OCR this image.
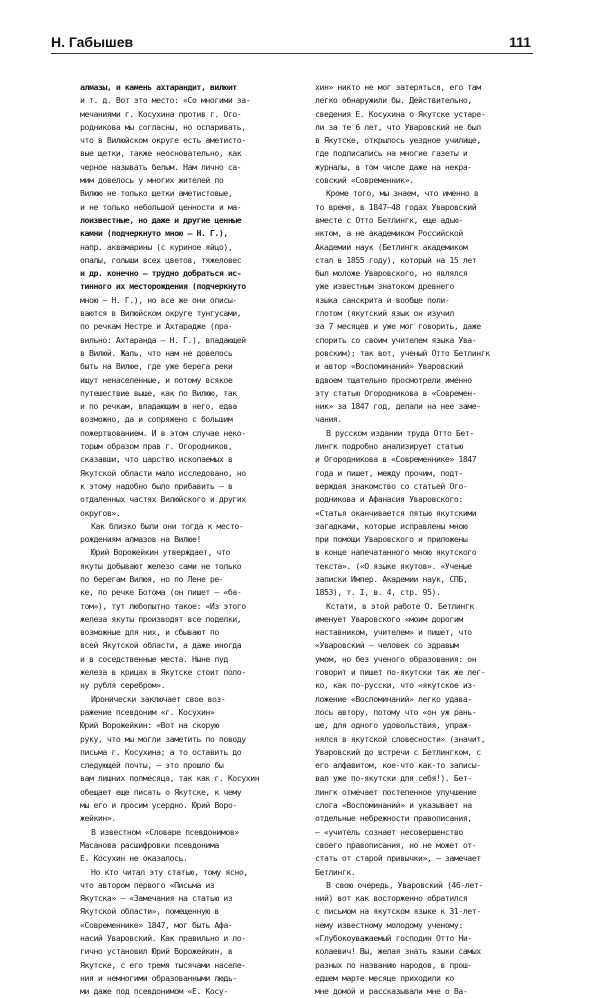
Н. Габышев	111
алмазы, и камень ахтарандит, вилюит
и т. д. Вот это место: «Со многими за-
мечаниями г. Косухина против г. Ого-
родникова мы согласны, но оспаривать,
что в Вилюйском округе есть аметисто-
вые щетки, также неосновательно, как
черное называть белым. Нам лично са-
мим довелось у многих жителей по
Вилюю не только щетки аметистовые,
и не только небольшой ценности и ма-
лоизвестные, но даже и другие ценные
камни (подчеркнуто мною — Н. Г.),
напр. аквамарины (с куриное яйцо),
опалы, голыши всех цветов, тяжеловес
и др. конечно — трудно добраться ис-
тинного их месторождения (подчеркнуто
мною — Н. Г.), но все же они описы-
ваются в Вилюйском округе тунгусами,
по речкам Нестре и Ахтарадже (пра-
вильно: Ахтаранда — Н. Г.), впадающей
в Вилюй. Жаль, что нам не довелось
быть на Вилюе, где уже берега реки
ищут ненаселенные, и потому всякое
путешествие выше, как по Вилюю, так
и по речкам, впадающим в него, едва
возможно, да и сопряжено с большим
пожертвованием. И в этом случае неко-
торым образом прав г. Огородников,
сказавши, что царство ископаемых в
Якутской области мало исследовано, но
к этому надобно было прибавить — в
отдаленных частях Вилюйского и других
округов».
Как близко были они тогда к место-
рождениям алмазов на Вилюе!
Юрий Ворожейкин утверждает, что
якуты добывают железо сами не только
по берегам Вилюя, но по Лене ре-
ке, по речке Ботома (он пишет — «ба-
том»), тут любопытно такое: «Из этого
железа якуты производят все поделки,
возможные для них, и сбывают по
всей Якутской области, а даже иногда
и в соседственные места. Ныне пуд
железа в крицах в Якутске стоит поло-
ну рубля серебром».
Иронически заключает свое воз-
ражение псевдоним «г. Косухин»
Юрий Ворожейкин: «Вот на скорую
руку, что мы могли заметить по поводу
письма г. Косухина; а то оставить до
следующей почты, — это прошло бы
вам лишних полмесяца, так как г. Косухин
обещает еще писать о Якутске, к чему
мы его и просим усердно. Юрий Воро-
жейкин».
В известном «Словаре псевдонимов»
Масанова расшифровки псевдонима
Е. Косухин не оказалось.
Но кто читал эту статью, тому ясно,
что автором первого «Письма из
Якутска» — «Замечания на статью из
Якутской области», помещенную в
«Современнике» 1847, мог быть Афа-
насий Уваровский. Как правильно и ло-
гично установил Юрий Ворожейкин, в
Якутске, с его тремя тысячами населе-
ния и немногими образованными людь-
ми даже под псевдонимом «Е. Косу-
хин» никто не мог затеряться, его там
легко обнаружили бы. Действительно,
сведения Е. Косухина о Якутске устаре-
ли за те 6 лет, что Уваровский не был
в Якутске, открылось уездное училище,
где подписались на многие газеты и
журналы, в том числе даже на некра-
совский «Современник».
Кроме того, мы знаем, что именно в
то время, в 1847–48 годах Уваровский
вместе с Отто Бетлингк, еще адью-
нктом, а не академиком Российской
Академии наук (Бетлингк академиком
стал в 1855 году), который на 15 лет
был моложе Уваровского, но являлся
уже известным знатоком древнего
языка санскрита и вообще поли-
глотом (якутский язык он изучил
за 7 месяцев и уже мог говорить, даже
спорить со своим учителем языка Ува-
ровским); так вот, ученый Отто Бетлингк
и автор «Воспоминаний» Уваровский
вдвоем тщательно просмотрели именно
эту статью Огородникова в «Современ-
ник» за 1847 год, делали на нее заме-
чания.
В русском издании труда Отто Бет-
лингк подробно анализирует статью
и Огородникова в «Современнике» 1847
года и пишет, между прочим, подт-
верждая знакомство со статьей Ого-
родникова и Афанасия Уваровского:
«Статья оканчивается пятью якутскими
загадками, которые исправлены мною
при помощи Уваровского и приложены
в конце напечатанного мною якутского
текста». («О языке якутов». «Ученые
записки Импер. Академии наук, СПБ,
1853), т. I, в. 4, стр. 95).
Кстати, в этой работе О. Бетлингк
именует Уваровского «моим дорогим
наставником, учителем» и пишет, что
«Уваровский — человек со здравым
умом, но без ученого образования: он
говорит и пишет по-якутски так же лег-
ко, как по-русски, что «якутское из-
ложение «Воспоминаний» легко удава-
лось автору, потому что «он уж рань-
ше, для одного удовольствия, упраж-
нялся в якутской словесности» (значит,
Уваровский до встречи с Бетлингком, с
его алфавитом, кое-что как-то записы-
вал уже по-якутски для себя!). Бет-
лингк отмечает постепенное улучшение
слога «Воспоминаний» и указывает на
отдельные небрежности правописания,
— «учитель сознает несовершенство
своего правописания, но не может от-
стать от старой привычки», — замечает
Бетлингк.
В свою очередь, Уваровский (46-лет-
ний) вот как восторженно обратился
с письмом на якутском языке к 31-лет-
нему известному молодому ученому:
«Глубокоуважаемый господин Отто Ни-
колаевич! Вы, желая знать языки самых
разных по названию народов, в прош-
едшем марте месяце приходили ко
мне домой и рассказывали мне о Ва-
